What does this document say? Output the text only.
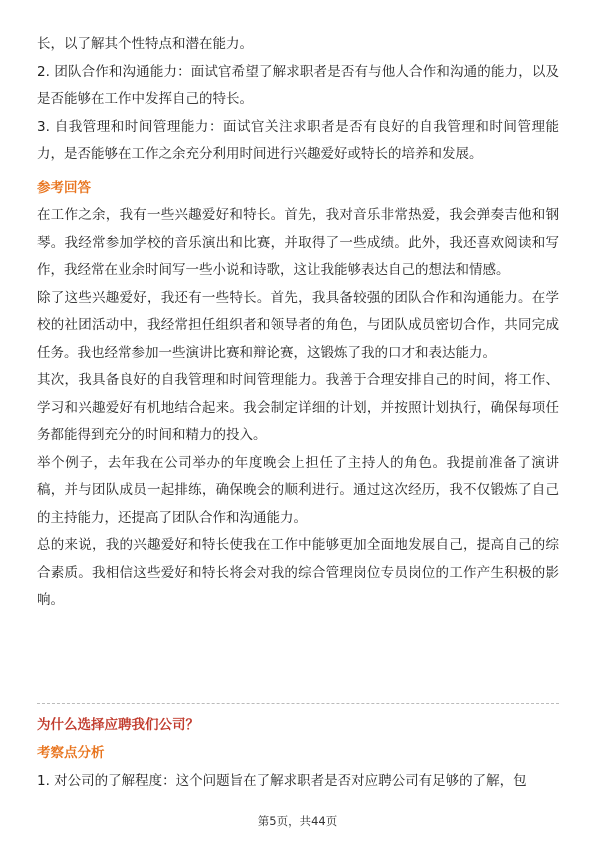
长，以了解其个性特点和潜在能力。

2. 团队合作和沟通能力：面试官希望了解求职者是否有与他人合作和沟通的能力，以及是否能够在工作中发挥自己的特长。

3. 自我管理和时间管理能力：面试官关注求职者是否有良好的自我管理和时间管理能力，是否能够在工作之余充分利用时间进行兴趣爱好或特长的培养和发展。

参考回答

在工作之余，我有一些兴趣爱好和特长。首先，我对音乐非常热爱，我会弹奏吉他和钢琴。我经常参加学校的音乐演出和比赛，并取得了一些成绩。此外，我还喜欢阅读和写作，我经常在业余时间写一些小说和诗歌，这让我能够表达自己的想法和情感。

除了这些兴趣爱好，我还有一些特长。首先，我具备较强的团队合作和沟通能力。在学校的社团活动中，我经常担任组织者和领导者的角色，与团队成员密切合作，共同完成任务。我也经常参加一些演讲比赛和辩论赛，这锻炼了我的口才和表达能力。

其次，我具备良好的自我管理和时间管理能力。我善于合理安排自己的时间，将工作、学习和兴趣爱好有机地结合起来。我会制定详细的计划，并按照计划执行，确保每项任务都能得到充分的时间和精力的投入。

举个例子，去年我在公司举办的年度晚会上担任了主持人的角色。我提前准备了演讲稿，并与团队成员一起排练，确保晚会的顺利进行。通过这次经历，我不仅锻炼了自己的主持能力，还提高了团队合作和沟通能力。

总的来说，我的兴趣爱好和特长使我在工作中能够更加全面地发展自己，提高自己的综合素质。我相信这些爱好和特长将会对我的综合管理岗位专员岗位的工作产生积极的影响。

为什么选择应聘我们公司？
考察点分析

1. 对公司的了解程度：这个问题旨在了解求职者是否对应聘公司有足够的了解，包

第5页，共44页
